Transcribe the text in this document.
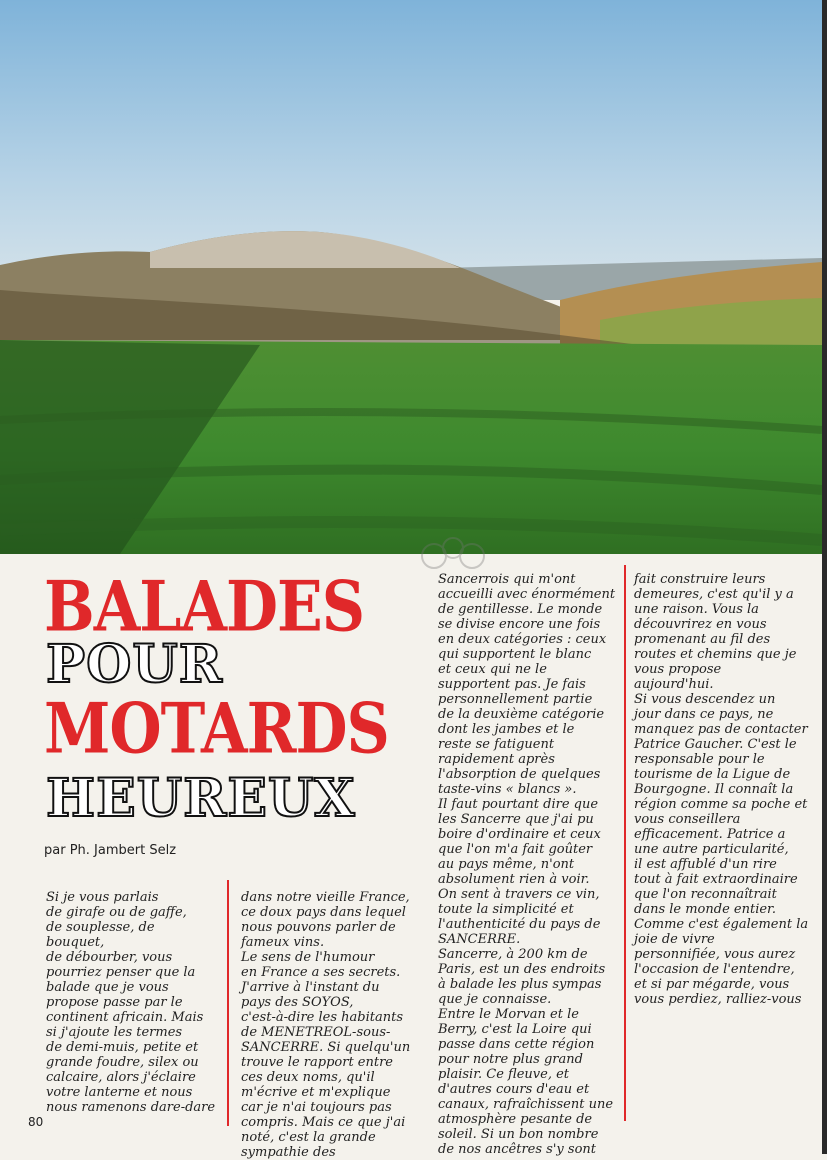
BALADES
POUR
MOTARDS
HEUREUX
par Ph. Jambert Selz

Si je vous parlais
de girafe ou de gaffe,
de souplesse, de bouquet,
de débourber, vous
pourriez penser que la
balade que je vous
propose passe par le
continent africain. Mais
si j'ajoute les termes
de demi-muis, petite et
grande foudre, silex ou
calcaire, alors j'éclaire
votre lanterne et nous
nous ramenons dare-dare

dans notre vieille France,
ce doux pays dans lequel
nous pouvons parler de
fameux vins.
Le sens de l'humour
en France a ses secrets.
J'arrive à l'instant du
pays des SOYOS,
c'est-à-dire les habitants
de MENETREOL-sous-
SANCERRE. Si quelqu'un
trouve le rapport entre
ces deux noms, qu'il
m'écrive et m'explique
car je n'ai toujours pas
compris. Mais ce que j'ai
noté, c'est la grande
sympathie des

Sancerrois qui m'ont
accueilli avec énormément
de gentillesse. Le monde
se divise encore une fois
en deux catégories : ceux
qui supportent le blanc
et ceux qui ne le
supportent pas. Je fais
personnellement partie
de la deuxième catégorie
dont les jambes et le
reste se fatiguent
rapidement après
l'absorption de quelques
taste-vins « blancs ».
Il faut pourtant dire que
les Sancerre que j'ai pu
boire d'ordinaire et ceux
que l'on m'a fait goûter
au pays même, n'ont
absolument rien à voir.
On sent à travers ce vin,
toute la simplicité et
l'authenticité du pays de
SANCERRE.
Sancerre, à 200 km de
Paris, est un des endroits
à balade les plus sympas
que je connaisse.
Entre le Morvan et le
Berry, c'est la Loire qui
passe dans cette région
pour notre plus grand
plaisir. Ce fleuve, et
d'autres cours d'eau et
canaux, rafraîchissent une
atmosphère pesante de
soleil. Si un bon nombre
de nos ancêtres s'y sont

fait construire leurs
demeures, c'est qu'il y a
une raison. Vous la
découvrirez en vous
promenant au fil des
routes et chemins que je
vous propose
aujourd'hui.
Si vous descendez un
jour dans ce pays, ne
manquez pas de contacter
Patrice Gaucher. C'est le
responsable pour le
tourisme de la Ligue de
Bourgogne. Il connaît la
région comme sa poche et
vous conseillera
efficacement. Patrice a
une autre particularité,
il est affublé d'un rire
tout à fait extraordinaire
que l'on reconnaîtrait
dans le monde entier.
Comme c'est également la
joie de vivre
personnifiée, vous aurez
l'occasion de l'entendre,
et si par mégarde, vous
vous perdiez, ralliez-vous

80
